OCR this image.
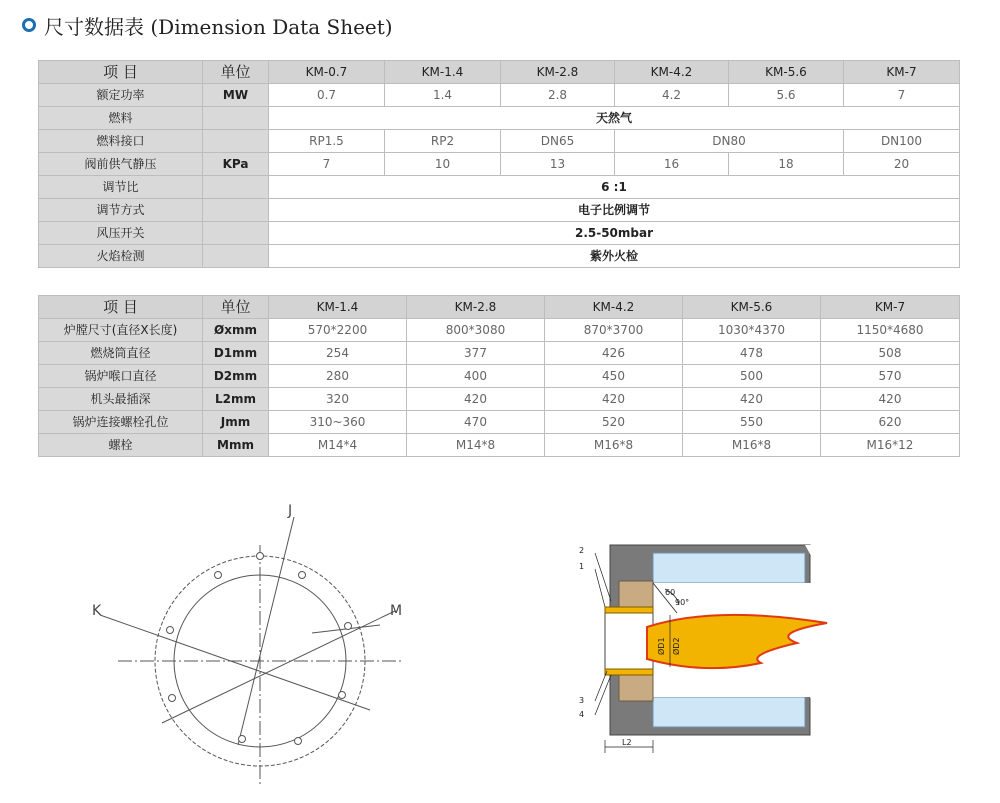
尺寸数据表 (Dimension Data Sheet)
项 目	单位	KM-0.7	KM-1.4	KM-2.8	KM-4.2	KM-5.6	KM-7
额定功率	MW	0.7	1.4	2.8	4.2	5.6	7
燃料		天然气					
燃料接口		RP1.5	RP2	DN65	DN80		DN100
阀前供气静压	KPa	7	10	13	16	18	20
调节比		6 :1					
调节方式		电子比例调节					
风压开关		2.5-50mbar					
火焰检测		紫外火检					
项 目	单位	KM-1.4	KM-2.8	KM-4.2	KM-5.6	KM-7
炉膛尺寸(直径X长度)	Øxmm	570*2200	800*3080	870*3700	1030*4370	1150*4680
燃烧筒直径	D1mm	254	377	426	478	508
锅炉喉口直径	D2mm	280	400	450	500	570
机头最插深	L2mm	320	420	420	420	420
锅炉连接螺栓孔位	Jmm	310~360	470	520	550	620
螺栓	Mmm	M14*4	M14*8	M16*8	M16*8	M16*12
J
K	M
2
1
3
4
60
90°
ØD1 ØD2
L2
